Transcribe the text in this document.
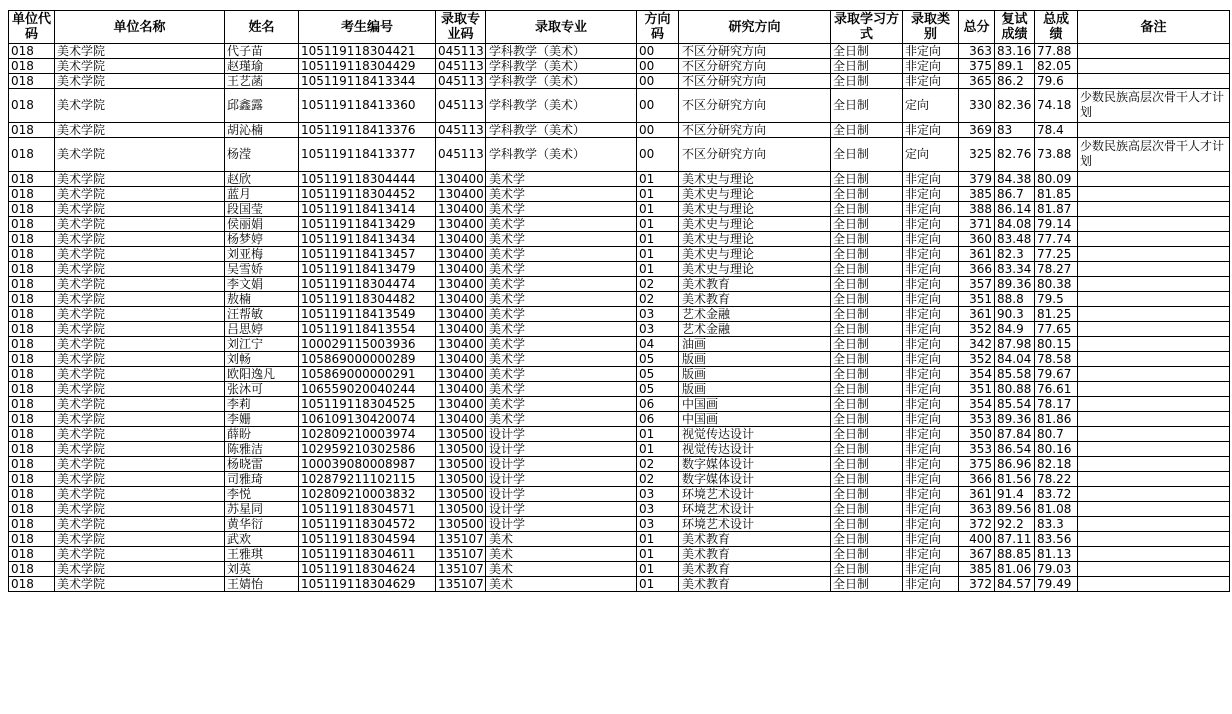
单位代码	单位名称	姓名	考生编号	录取专业码	录取专业	方向码	研究方向	录取学习方式	录取类别	总分	复试成绩	总成绩	备注
018	美术学院	代子苗	105119118304421	045113	学科教学（美术）	00	不区分研究方向	全日制	非定向	363	83.16	77.88	
018	美术学院	赵瑾瑜	105119118304429	045113	学科教学（美术）	00	不区分研究方向	全日制	非定向	375	89.1	82.05	
018	美术学院	王艺菡	105119118413344	045113	学科教学（美术）	00	不区分研究方向	全日制	非定向	365	86.2	79.6	
018	美术学院	邱鑫露	105119118413360	045113	学科教学（美术）	00	不区分研究方向	全日制	定向	330	82.36	74.18	少数民族高层次骨干人才计划
018	美术学院	胡沁楠	105119118413376	045113	学科教学（美术）	00	不区分研究方向	全日制	非定向	369	83	78.4	
018	美术学院	杨滢	105119118413377	045113	学科教学（美术）	00	不区分研究方向	全日制	定向	325	82.76	73.88	少数民族高层次骨干人才计划
018	美术学院	赵欣	105119118304444	130400	美术学	01	美术史与理论	全日制	非定向	379	84.38	80.09	
018	美术学院	蓝月	105119118304452	130400	美术学	01	美术史与理论	全日制	非定向	385	86.7	81.85	
018	美术学院	段国莹	105119118413414	130400	美术学	01	美术史与理论	全日制	非定向	388	86.14	81.87	
018	美术学院	侯丽娟	105119118413429	130400	美术学	01	美术史与理论	全日制	非定向	371	84.08	79.14	
018	美术学院	杨梦婷	105119118413434	130400	美术学	01	美术史与理论	全日制	非定向	360	83.48	77.74	
018	美术学院	刘亚梅	105119118413457	130400	美术学	01	美术史与理论	全日制	非定向	361	82.3	77.25	
018	美术学院	吴雪娇	105119118413479	130400	美术学	01	美术史与理论	全日制	非定向	366	83.34	78.27	
018	美术学院	李文娟	105119118304474	130400	美术学	02	美术教育	全日制	非定向	357	89.36	80.38	
018	美术学院	敖楠	105119118304482	130400	美术学	02	美术教育	全日制	非定向	351	88.8	79.5	
018	美术学院	汪帮敏	105119118413549	130400	美术学	03	艺术金融	全日制	非定向	361	90.3	81.25	
018	美术学院	吕思婷	105119118413554	130400	美术学	03	艺术金融	全日制	非定向	352	84.9	77.65	
018	美术学院	刘江宁	100029115003936	130400	美术学	04	油画	全日制	非定向	342	87.98	80.15	
018	美术学院	刘畅	105869000000289	130400	美术学	05	版画	全日制	非定向	352	84.04	78.58	
018	美术学院	欧阳逸凡	105869000000291	130400	美术学	05	版画	全日制	非定向	354	85.58	79.67	
018	美术学院	张沐可	106559020040244	130400	美术学	05	版画	全日制	非定向	351	80.88	76.61	
018	美术学院	李莉	105119118304525	130400	美术学	06	中国画	全日制	非定向	354	85.54	78.17	
018	美术学院	李姗	106109130420074	130400	美术学	06	中国画	全日制	非定向	353	89.36	81.86	
018	美术学院	薛盼	102809210003974	130500	设计学	01	视觉传达设计	全日制	非定向	350	87.84	80.7	
018	美术学院	陈雅洁	102959210302586	130500	设计学	01	视觉传达设计	全日制	非定向	353	86.54	80.16	
018	美术学院	杨晓雷	100039080008987	130500	设计学	02	数字媒体设计	全日制	非定向	375	86.96	82.18	
018	美术学院	司雅琦	102879211102115	130500	设计学	02	数字媒体设计	全日制	非定向	366	81.56	78.22	
018	美术学院	李悦	102809210003832	130500	设计学	03	环境艺术设计	全日制	非定向	361	91.4	83.72	
018	美术学院	苏星同	105119118304571	130500	设计学	03	环境艺术设计	全日制	非定向	363	89.56	81.08	
018	美术学院	黄华衍	105119118304572	130500	设计学	03	环境艺术设计	全日制	非定向	372	92.2	83.3	
018	美术学院	武欢	105119118304594	135107	美术	01	美术教育	全日制	非定向	400	87.11	83.56	
018	美术学院	王雅琪	105119118304611	135107	美术	01	美术教育	全日制	非定向	367	88.85	81.13	
018	美术学院	刘英	105119118304624	135107	美术	01	美术教育	全日制	非定向	385	81.06	79.03	
018	美术学院	王婧怡	105119118304629	135107	美术	01	美术教育	全日制	非定向	372	84.57	79.49	
